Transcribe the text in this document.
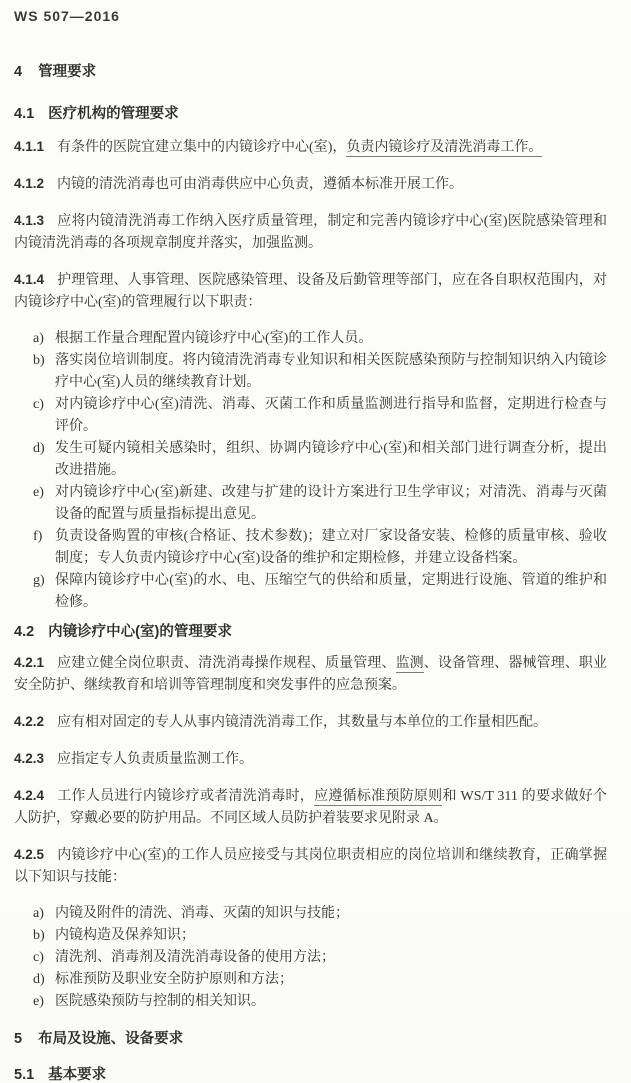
WS 507—2016
4 管理要求
4.1 医疗机构的管理要求

4.1.1 有条件的医院宜建立集中的内镜诊疗中心(室)，负责内镜诊疗及清洗消毒工作。

4.1.2 内镜的清洗消毒也可由消毒供应中心负责，遵循本标准开展工作。

4.1.3 应将内镜清洗消毒工作纳入医疗质量管理，制定和完善内镜诊疗中心(室)医院感染管理和内镜清洗消毒的各项规章制度并落实，加强监测。

4.1.4 护理管理、人事管理、医院感染管理、设备及后勤管理等部门，应在各自职权范围内，对内镜诊疗中心(室)的管理履行以下职责：

a) 根据工作量合理配置内镜诊疗中心(室)的工作人员。
b) 落实岗位培训制度。将内镜清洗消毒专业知识和相关医院感染预防与控制知识纳入内镜诊疗中心(室)人员的继续教育计划。
c) 对内镜诊疗中心(室)清洗、消毒、灭菌工作和质量监测进行指导和监督，定期进行检查与评价。
d) 发生可疑内镜相关感染时，组织、协调内镜诊疗中心(室)和相关部门进行调查分析，提出改进措施。
e) 对内镜诊疗中心(室)新建、改建与扩建的设计方案进行卫生学审议；对清洗、消毒与灭菌设备的配置与质量指标提出意见。
f) 负责设备购置的审核(合格证、技术参数)；建立对厂家设备安装、检修的质量审核、验收制度；专人负责内镜诊疗中心(室)设备的维护和定期检修，并建立设备档案。
g) 保障内镜诊疗中心(室)的水、电、压缩空气的供给和质量，定期进行设施、管道的维护和检修。
4.2 内镜诊疗中心(室)的管理要求

4.2.1 应建立健全岗位职责、清洗消毒操作规程、质量管理、监测、设备管理、器械管理、职业安全防护、继续教育和培训等管理制度和突发事件的应急预案。

4.2.2 应有相对固定的专人从事内镜清洗消毒工作，其数量与本单位的工作量相匹配。

4.2.3 应指定专人负责质量监测工作。

4.2.4 工作人员进行内镜诊疗或者清洗消毒时，应遵循标准预防原则和 WS/T 311 的要求做好个人防护，穿戴必要的防护用品。不同区域人员防护着装要求见附录 A。

4.2.5 内镜诊疗中心(室)的工作人员应接受与其岗位职责相应的岗位培训和继续教育，正确掌握以下知识与技能：

a) 内镜及附件的清洗、消毒、灭菌的知识与技能；
b) 内镜构造及保养知识；
c) 清洗剂、消毒剂及清洗消毒设备的使用方法；
d) 标准预防及职业安全防护原则和方法；
e) 医院感染预防与控制的相关知识。
5 布局及设施、设备要求
5.1 基本要求
